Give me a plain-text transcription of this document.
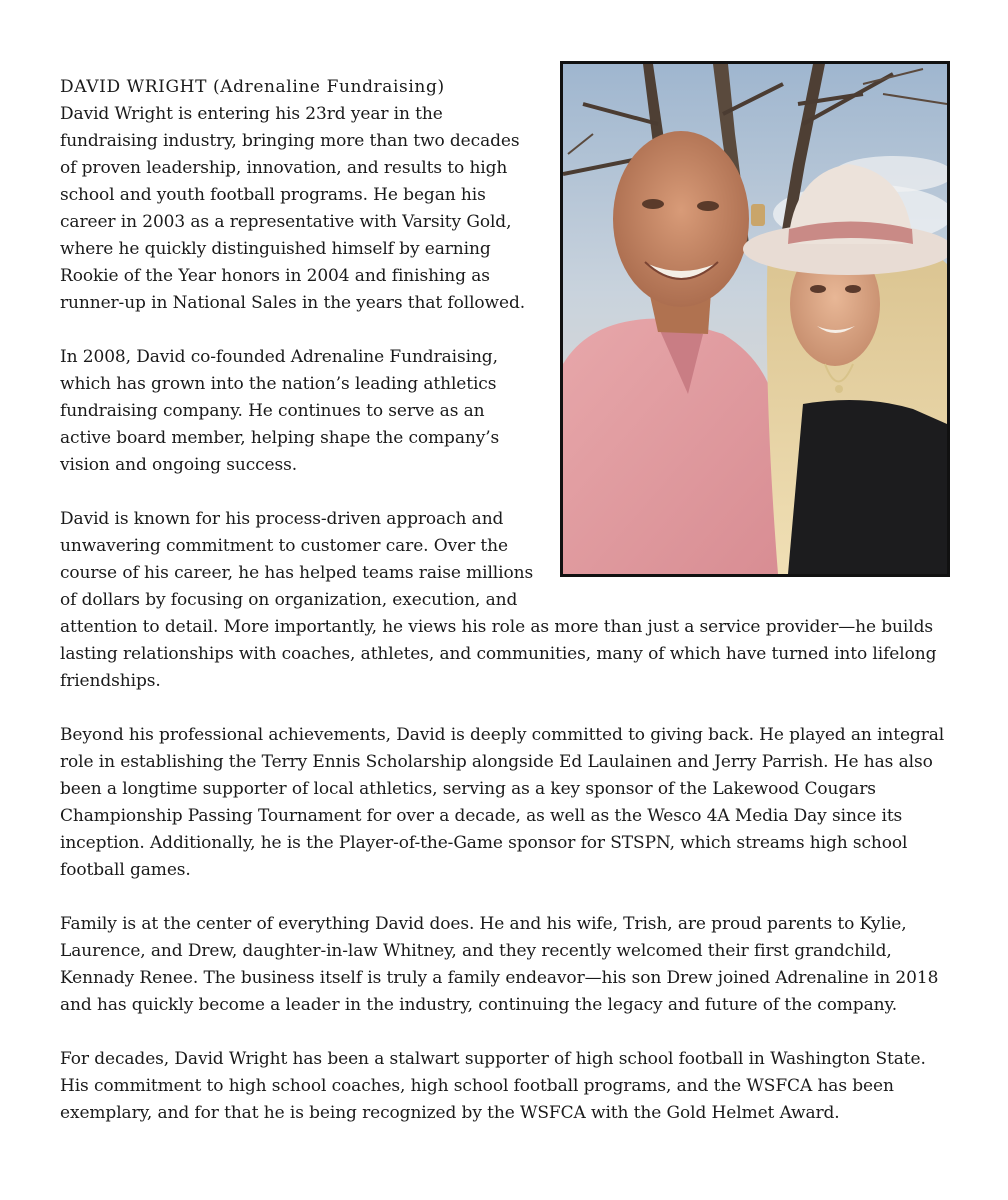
DAVID WRIGHT (Adrenaline Fundraising)
David Wright is entering his 23rd year in the fundraising industry, bringing more than two decades of proven leadership, innovation, and results to high school and youth football programs. He began his career in 2003 as a representative with Varsity Gold, where he quickly distinguished himself by earning Rookie of the Year honors in 2004 and finishing as runner-up in National Sales in the years that followed.

In 2008, David co-founded Adrenaline Fundraising, which has grown into the nation’s leading athletics fundraising company. He continues to serve as an active board member, helping shape the company’s vision and ongoing success.

David is known for his process-driven approach and unwavering commitment to customer care. Over the course of his career, he has helped teams raise millions of dollars by focusing on organization, execution, and attention to detail. More importantly, he views his role as more than just a service provider—he builds lasting relationships with coaches, athletes, and communities, many of which have turned into lifelong friendships.

Beyond his professional achievements, David is deeply committed to giving back. He played an integral role in establishing the Terry Ennis Scholarship alongside Ed Laulainen and Jerry Parrish. He has also been a longtime supporter of local athletics, serving as a key sponsor of the Lakewood Cougars Championship Passing Tournament for over a decade, as well as the Wesco 4A Media Day since its inception. Additionally, he is the Player-of-the-Game sponsor for STSPN, which streams high school football games.

Family is at the center of everything David does. He and his wife, Trish, are proud parents to Kylie, Laurence, and Drew, daughter-in-law Whitney, and they recently welcomed their first grandchild, Kennady Renee. The business itself is truly a family endeavor—his son Drew joined Adrenaline in 2018 and has quickly become a leader in the industry, continuing the legacy and future of the company.

For decades, David Wright has been a stalwart supporter of high school football in Washington State. His commitment to high school coaches, high school football programs, and the WSFCA has been exemplary, and for that he is being recognized by the WSFCA with the Gold Helmet Award.
